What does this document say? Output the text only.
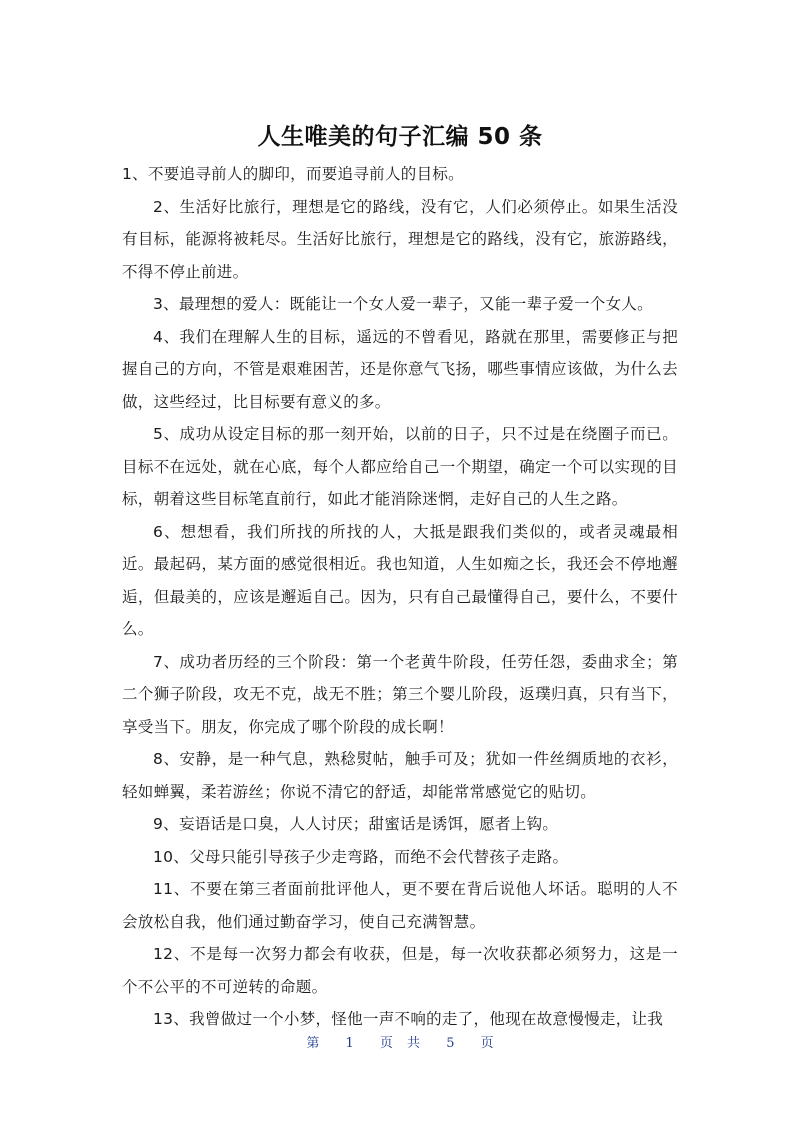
人生唯美的句子汇编 50 条

1、不要追寻前人的脚印，而要追寻前人的目标。

2、生活好比旅行，理想是它的路线，没有它，人们必须停止。如果生活没有目标，能源将被耗尽。生活好比旅行，理想是它的路线，没有它，旅游路线，不得不停止前进。

3、最理想的爱人：既能让一个女人爱一辈子，又能一辈子爱一个女人。

4、我们在理解人生的目标，遥远的不曾看见，路就在那里，需要修正与把握自己的方向，不管是艰难困苦，还是你意气飞扬，哪些事情应该做，为什么去做，这些经过，比目标要有意义的多。

5、成功从设定目标的那一刻开始，以前的日子，只不过是在绕圈子而已。目标不在远处，就在心底，每个人都应给自己一个期望，确定一个可以实现的目标，朝着这些目标笔直前行，如此才能消除迷惘，走好自己的人生之路。

6、想想看，我们所找的所找的人，大抵是跟我们类似的，或者灵魂最相近。最起码，某方面的感觉很相近。我也知道，人生如痴之长，我还会不停地邂逅，但最美的，应该是邂逅自己。因为，只有自己最懂得自己，要什么，不要什么。

7、成功者历经的三个阶段：第一个老黄牛阶段，任劳任怨，委曲求全；第二个狮子阶段，攻无不克，战无不胜；第三个婴儿阶段，返璞归真，只有当下，享受当下。朋友，你完成了哪个阶段的成长啊！

8、安静，是一种气息，熟稔熨帖，触手可及；犹如一件丝绸质地的衣衫，轻如蝉翼，柔若游丝；你说不清它的舒适，却能常常感觉它的贴切。

9、妄语话是口臭，人人讨厌；甜蜜话是诱饵，愿者上钩。

10、父母只能引导孩子少走弯路，而绝不会代替孩子走路。

11、不要在第三者面前批评他人，更不要在背后说他人坏话。聪明的人不会放松自我，他们通过勤奋学习，使自己充满智慧。

12、不是每一次努力都会有收获，但是，每一次收获都必须努力，这是一个不公平的不可逆转的命题。

13、我曾做过一个小梦，怪他一声不响的走了，他现在故意慢慢走，让我

第 1 页 共 5 页
